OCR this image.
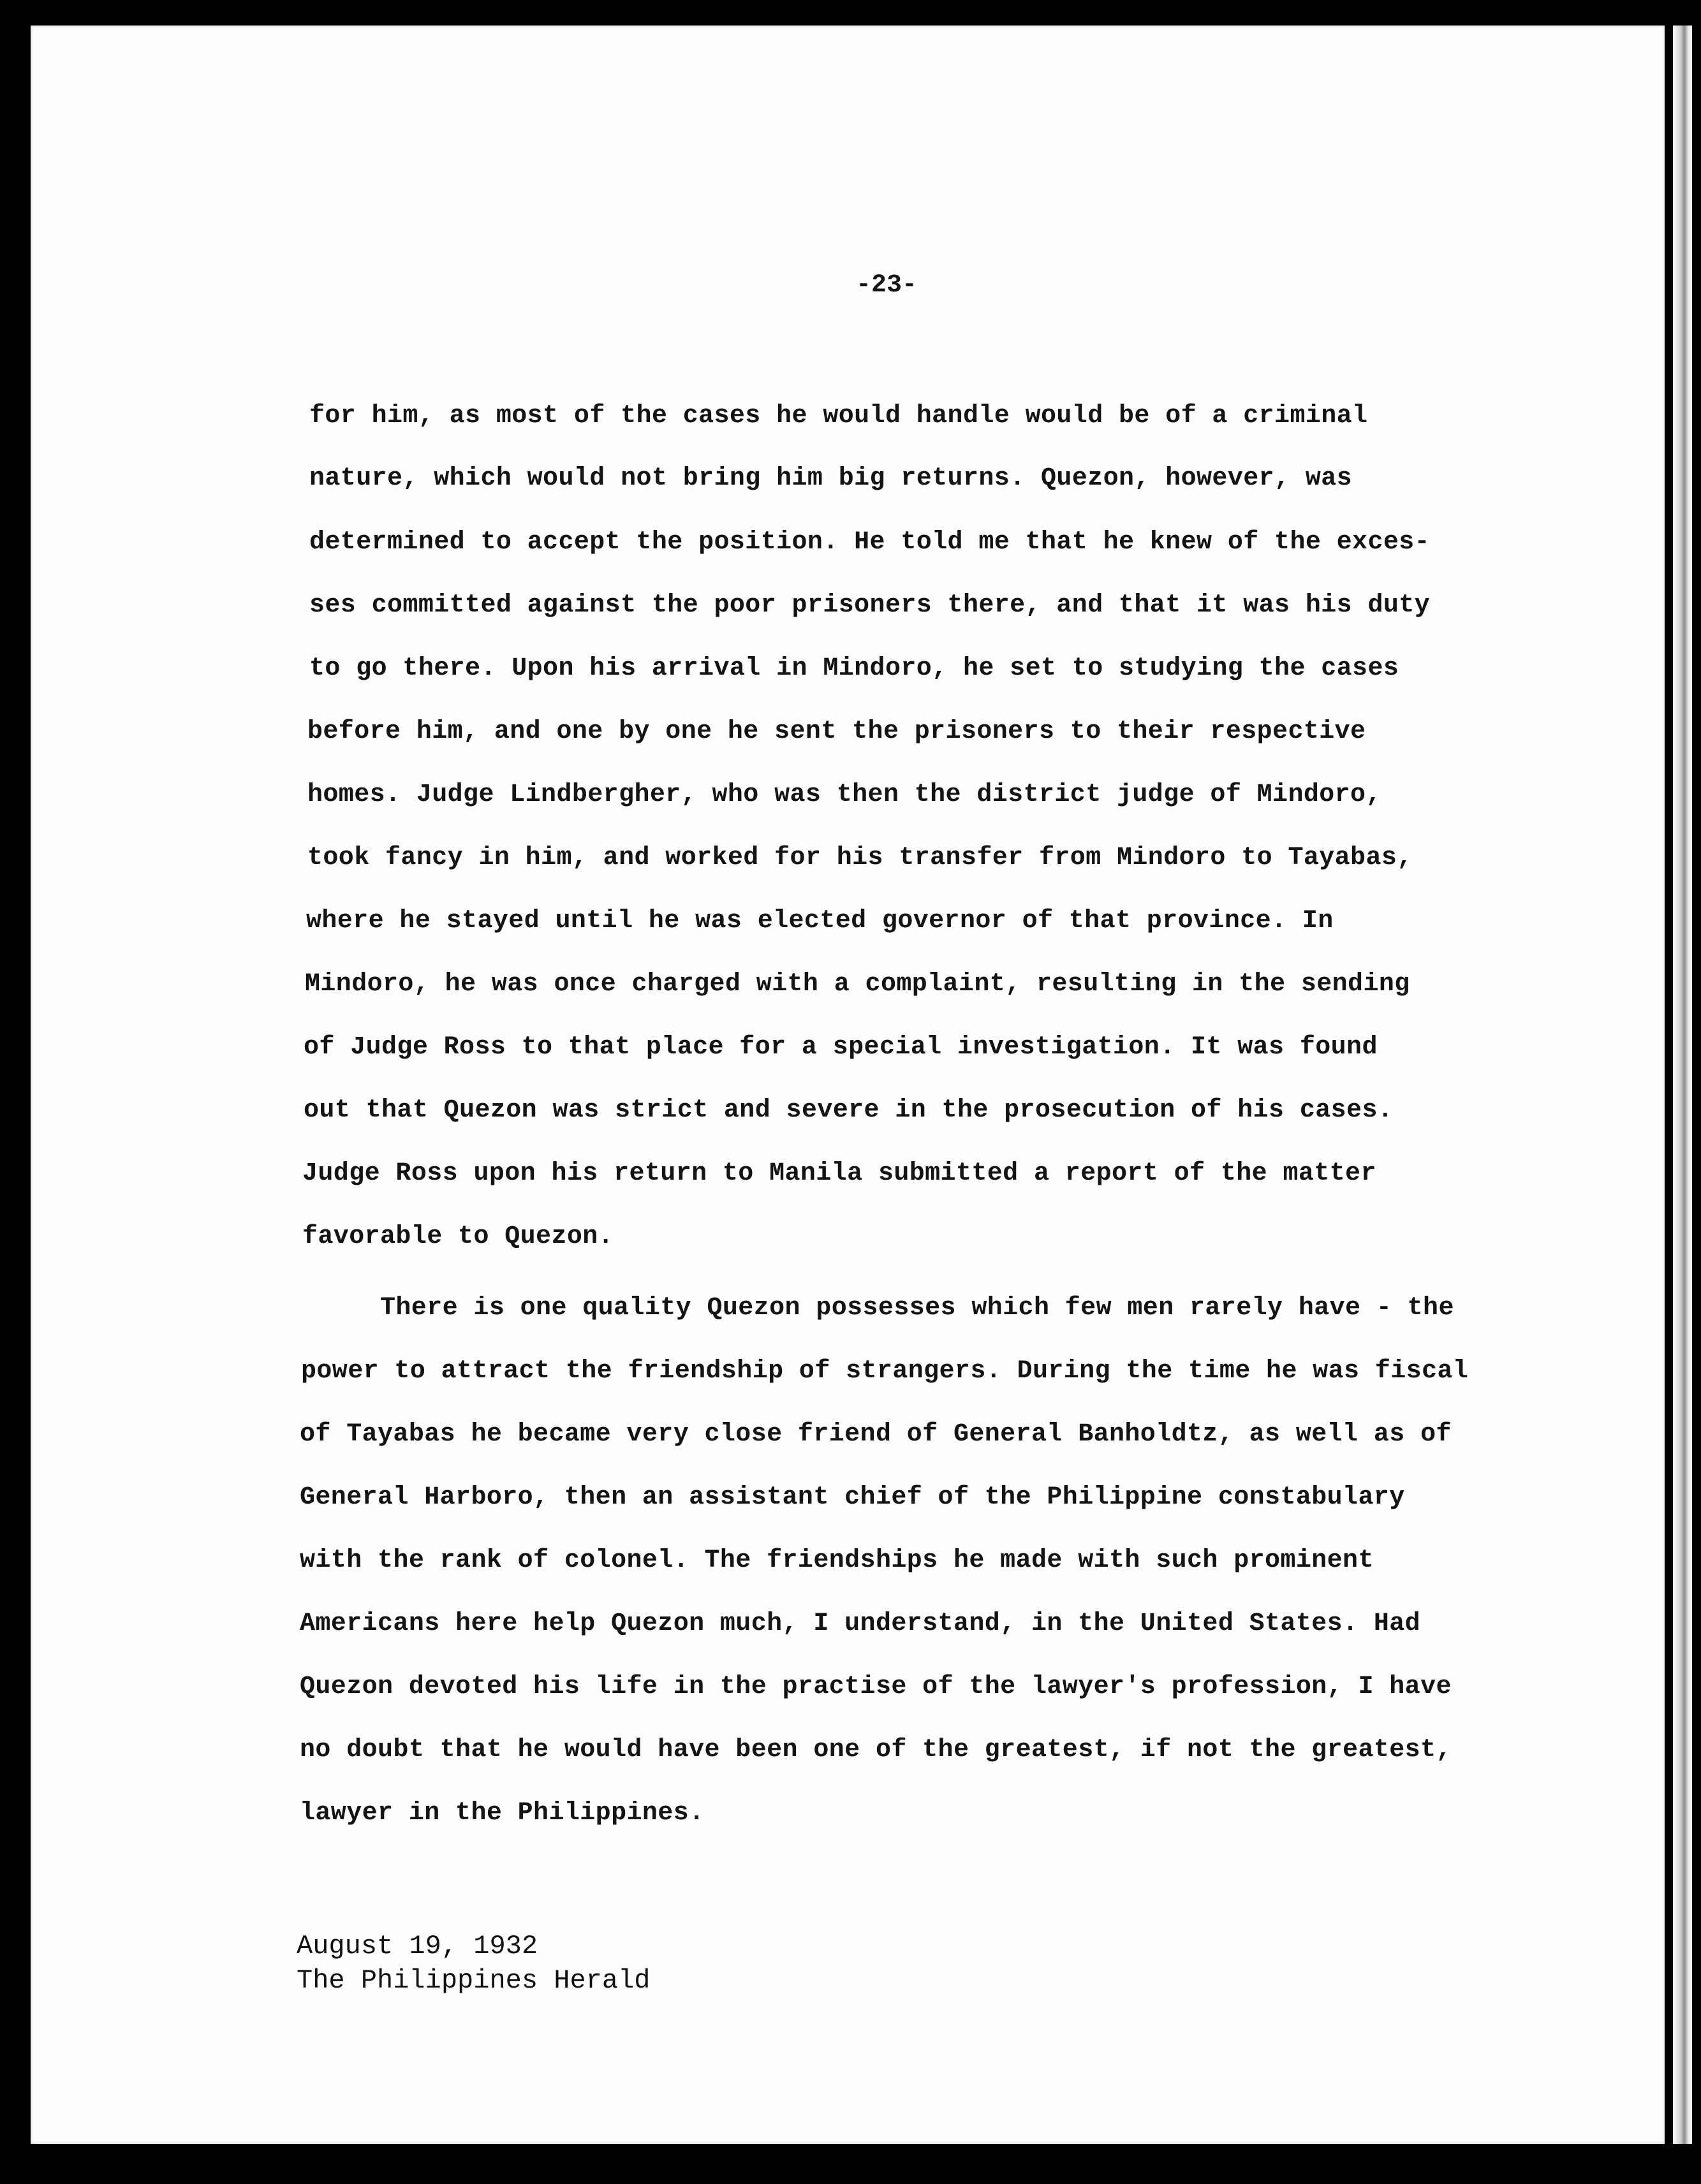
-23-
for him, as most of the cases he would handle would be of a criminal
nature, which would not bring him big returns. Quezon, however, was
determined to accept the position. He told me that he knew of the exces-
ses committed against the poor prisoners there, and that it was his duty
to go there. Upon his arrival in Mindoro, he set to studying the cases
before him, and one by one he sent the prisoners to their respective
homes. Judge Lindbergher, who was then the district judge of Mindoro,
took fancy in him, and worked for his transfer from Mindoro to Tayabas,
where he stayed until he was elected governor of that province. In
Mindoro, he was once charged with a complaint, resulting in the sending
of Judge Ross to that place for a special investigation. It was found
out that Quezon was strict and severe in the prosecution of his cases.
Judge Ross upon his return to Manila submitted a report of the matter
favorable to Quezon.
There is one quality Quezon possesses which few men rarely have - the
power to attract the friendship of strangers. During the time he was fiscal
of Tayabas he became very close friend of General Banholdtz, as well as of
General Harboro, then an assistant chief of the Philippine constabulary
with the rank of colonel. The friendships he made with such prominent
Americans here help Quezon much, I understand, in the United States. Had
Quezon devoted his life in the practise of the lawyer's profession, I have
no doubt that he would have been one of the greatest, if not the greatest,
lawyer in the Philippines.
August 19, 1932
The Philippines Herald
